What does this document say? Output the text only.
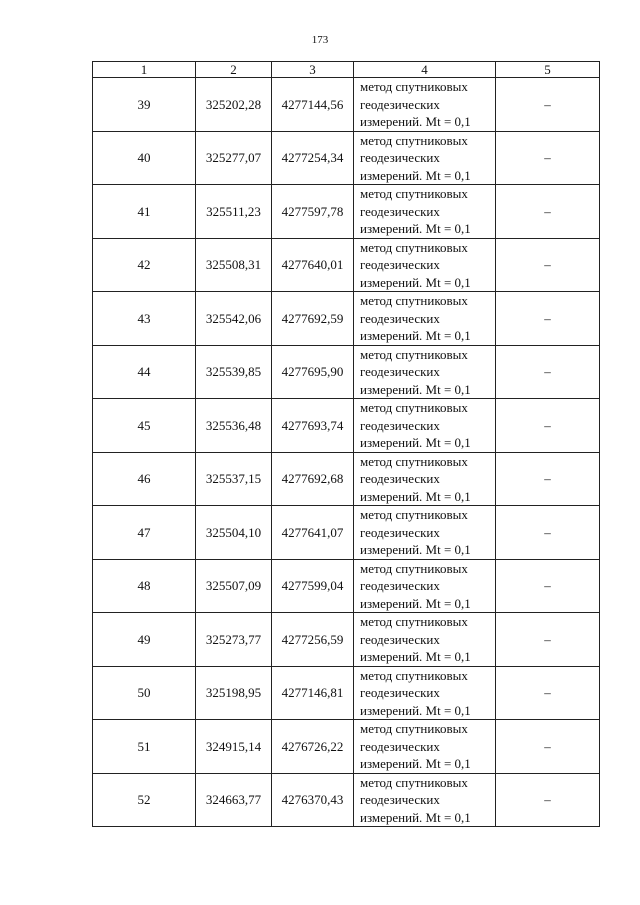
173
1	2	3	4	5
39	325202,28	4277144,56	метод спутниковых
геодезических
измерений. Mt = 0,1	–
40	325277,07	4277254,34	метод спутниковых
геодезических
измерений. Mt = 0,1	–
41	325511,23	4277597,78	метод спутниковых
геодезических
измерений. Mt = 0,1	–
42	325508,31	4277640,01	метод спутниковых
геодезических
измерений. Mt = 0,1	–
43	325542,06	4277692,59	метод спутниковых
геодезических
измерений. Mt = 0,1	–
44	325539,85	4277695,90	метод спутниковых
геодезических
измерений. Mt = 0,1	–
45	325536,48	4277693,74	метод спутниковых
геодезических
измерений. Mt = 0,1	–
46	325537,15	4277692,68	метод спутниковых
геодезических
измерений. Mt = 0,1	–
47	325504,10	4277641,07	метод спутниковых
геодезических
измерений. Mt = 0,1	–
48	325507,09	4277599,04	метод спутниковых
геодезических
измерений. Mt = 0,1	–
49	325273,77	4277256,59	метод спутниковых
геодезических
измерений. Mt = 0,1	–
50	325198,95	4277146,81	метод спутниковых
геодезических
измерений. Mt = 0,1	–
51	324915,14	4276726,22	метод спутниковых
геодезических
измерений. Mt = 0,1	–
52	324663,77	4276370,43	метод спутниковых
геодезических
измерений. Mt = 0,1	–
